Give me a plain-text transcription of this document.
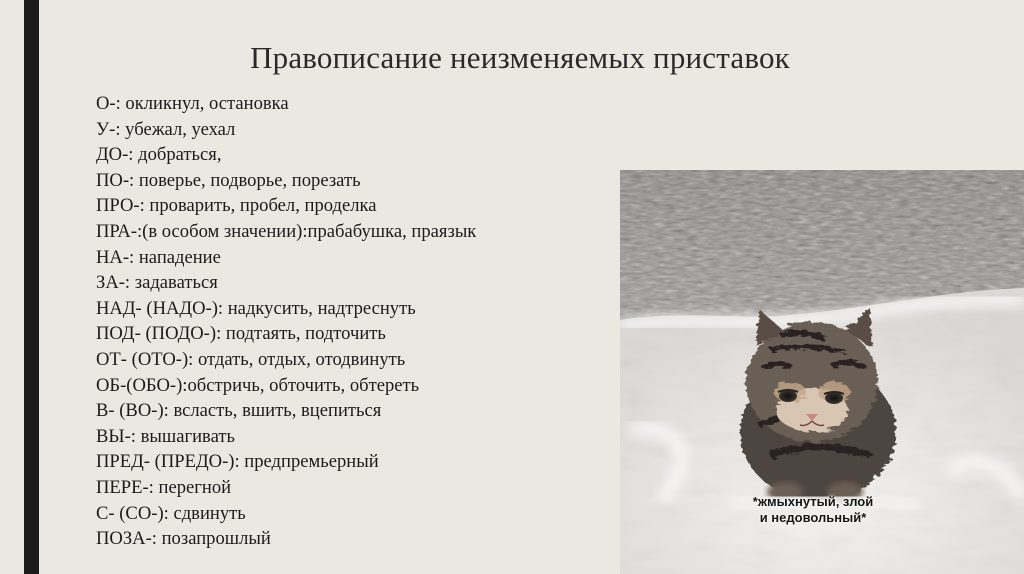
Правописание неизменяемых приставок
О-: окликнул, остановка
У-: убежал, уехал
ДО-: добраться,
ПО-: поверье, подворье, порезать
ПРО-: проварить, пробел, проделка
ПРА-:(в особом значении):прабабушка, праязык
НА-: нападение
ЗА-: задаваться
НАД- (НАДО-): надкусить, надтреснуть
ПОД- (ПОДО-): подтаять, подточить
ОТ- (ОТО-): отдать, отдых, отодвинуть
ОБ-(ОБО-):обстричь, обточить, обтереть
В- (ВО-): всласть, вшить, вцепиться
ВЫ-: вышагивать
ПРЕД- (ПРЕДО-): предпремьерный
ПЕРЕ-: перегной
С- (СО-): сдвинуть
ПОЗА-: позапрошлый
*жмыхнутый, злой
и недовольный*
